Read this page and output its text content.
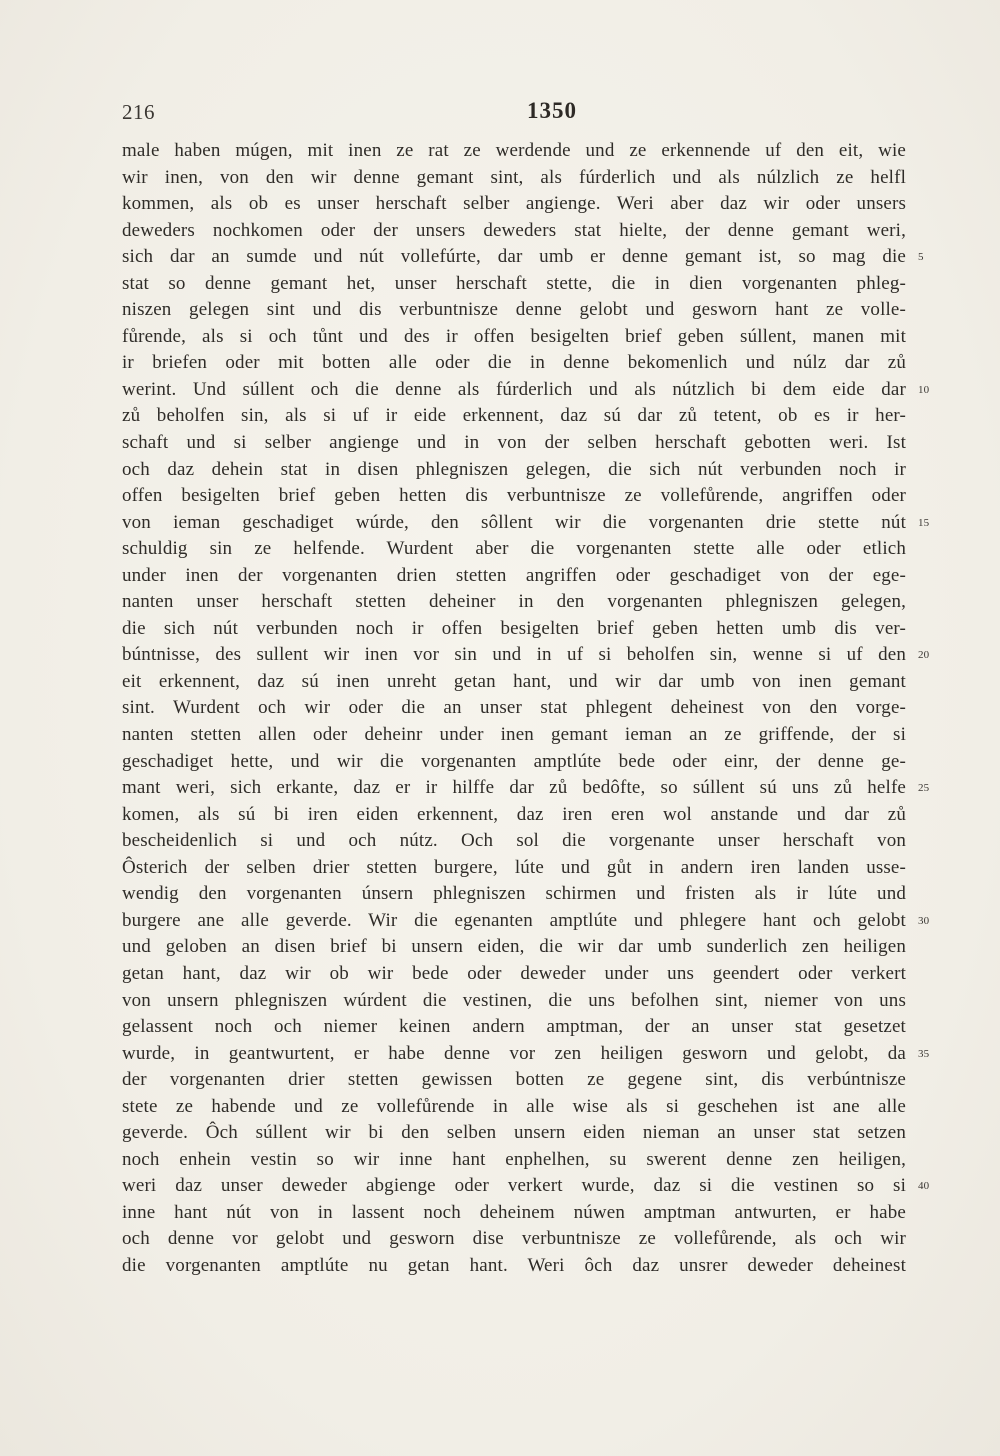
216	1350
male haben múgen, mit inen ze rat ze werdende und ze erkennende uf den eit, wie
wir inen, von den wir denne gemant sint, als fúrderlich und als núlzlich ze helfl
kommen, als ob es unser herschaft selber angienge. Weri aber daz wir oder unsers
deweders nochkomen oder der unsers deweders stat hielte, der denne gemant weri,
sich dar an sumde und nút vollefúrte, dar umb er denne gemant ist, so mag die 5
stat so denne gemant het, unser herschaft stette, die in dien vorgenanten phleg-
niszen gelegen sint und dis verbuntnisze denne gelobt und gesworn hant ze volle-
fůrende, als si och tůnt und des ir offen besigelten brief geben súllent, manen mit
ir briefen oder mit botten alle oder die in denne bekomenlich und núlz dar zů
werint. Und súllent och die denne als fúrderlich und als nútzlich bi dem eide dar 10
zů beholfen sin, als si uf ir eide erkennent, daz sú dar zů tetent, ob es ir her-
schaft und si selber angienge und in von der selben herschaft gebotten weri. Ist
och daz dehein stat in disen phlegniszen gelegen, die sich nút verbunden noch ir
offen besigelten brief geben hetten dis verbuntnisze ze vollefůrende, angriffen oder
von ieman geschadiget wúrde, den sôllent wir die vorgenanten drie stette nút 15
schuldig sin ze helfende. Wurdent aber die vorgenanten stette alle oder etlich
under inen der vorgenanten drien stetten angriffen oder geschadiget von der ege-
nanten unser herschaft stetten deheiner in den vorgenanten phlegniszen gelegen,
die sich nút verbunden noch ir offen besigelten brief geben hetten umb dis ver-
búntnisse, des sullent wir inen vor sin und in uf si beholfen sin, wenne si uf den 20
eit erkennent, daz sú inen unreht getan hant, und wir dar umb von inen gemant
sint. Wurdent och wir oder die an unser stat phlegent deheinest von den vorge-
nanten stetten allen oder deheinr under inen gemant ieman an ze griffende, der si
geschadiget hette, und wir die vorgenanten amptlúte bede oder einr, der denne ge-
mant weri, sich erkante, daz er ir hilffe dar zů bedôfte, so súllent sú uns zů helfe 25
komen, als sú bi iren eiden erkennent, daz iren eren wol anstande und dar zů
bescheidenlich si und och nútz. Och sol die vorgenante unser herschaft von
Ôsterich der selben drier stetten burgere, lúte und gůt in andern iren landen usse-
wendig den vorgenanten únsern phlegniszen schirmen und fristen als ir lúte und
burgere ane alle geverde. Wir die egenanten amptlúte und phlegere hant och gelobt 30
und geloben an disen brief bi unsern eiden, die wir dar umb sunderlich zen heiligen
getan hant, daz wir ob wir bede oder deweder under uns geendert oder verkert
von unsern phlegniszen wúrdent die vestinen, die uns befolhen sint, niemer von uns
gelassent noch och niemer keinen andern amptman, der an unser stat gesetzet
wurde, in geantwurtent, er habe denne vor zen heiligen gesworn und gelobt, da 35
der vorgenanten drier stetten gewissen botten ze gegene sint, dis verbúntnisze
stete ze habende und ze vollefůrende in alle wise als si geschehen ist ane alle
geverde. Ôch súllent wir bi den selben unsern eiden nieman an unser stat setzen
noch enhein vestin so wir inne hant enphelhen, su swerent denne zen heiligen,
weri daz unser deweder abgienge oder verkert wurde, daz si die vestinen so si 40
inne hant nút von in lassent noch deheinem núwen amptman antwurten, er habe
och denne vor gelobt und gesworn dise verbuntnisze ze vollefůrende, als och wir
die vorgenanten amptlúte nu getan hant. Weri ôch daz unsrer deweder deheinest
